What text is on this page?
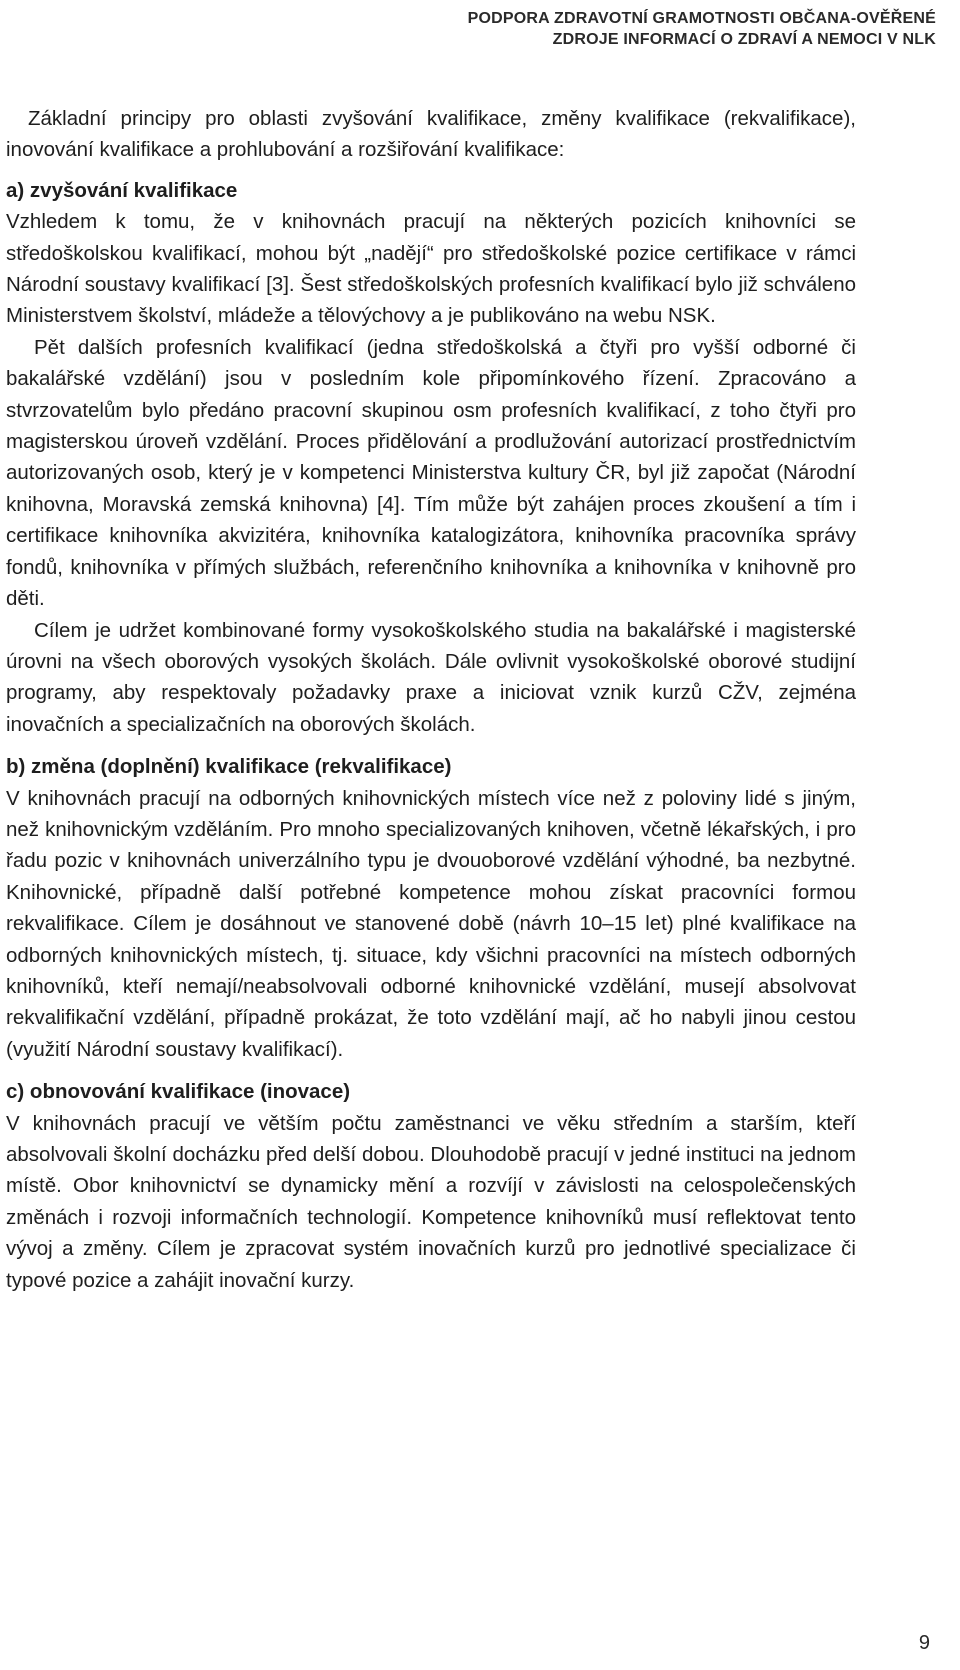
PODPORA ZDRAVOTNÍ GRAMOTNOSTI OBČANA-OVĚŘENÉ
ZDROJE INFORMACÍ O ZDRAVÍ A NEMOCI V NLK

Základní principy pro oblasti zvyšování kvalifikace, změny kvalifikace (rekvalifikace), inovování kvalifikace a prohlubování a rozšiřování kvalifikace:

a) zvyšování kvalifikace

Vzhledem k tomu, že v knihovnách pracují na některých pozicích knihovníci se středoškolskou kvalifikací, mohou být „nadějí“ pro středoškolské pozice certifikace v rámci Národní soustavy kvalifikací [3]. Šest středoškolských profesních kvalifikací bylo již schváleno Ministerstvem školství, mládeže a tělovýchovy a je publikováno na webu NSK.

Pět dalších profesních kvalifikací (jedna středoškolská a čtyři pro vyšší odborné či bakalářské vzdělání) jsou v posledním kole připomínkového řízení. Zpracováno a stvrzovatelům bylo předáno pracovní skupinou osm profesních kvalifikací, z toho čtyři pro magisterskou úroveň vzdělání. Proces přidělování a prodlužování autorizací prostřednictvím autorizovaných osob, který je v kompetenci Ministerstva kultury ČR, byl již započat (Národní knihovna, Moravská zemská knihovna) [4]. Tím může být zahájen proces zkoušení a tím i certifikace knihovníka akvizitéra, knihovníka katalogizátora, knihovníka pracovníka správy fondů, knihovníka v přímých službách, referenčního knihovníka a knihovníka v knihovně pro děti.

Cílem je udržet kombinované formy vysokoškolského studia na bakalářské i magisterské úrovni na všech oborových vysokých školách. Dále ovlivnit vysokoškolské oborové studijní programy, aby respektovaly požadavky praxe a iniciovat vznik kurzů CŽV, zejména inovačních a specializačních na oborových školách.

b) změna (doplnění) kvalifikace (rekvalifikace)

V knihovnách pracují na odborných knihovnických místech více než z poloviny lidé s jiným, než knihovnickým vzděláním. Pro mnoho specializovaných knihoven, včetně lékařských, i pro řadu pozic v knihovnách univerzálního typu je dvouoborové vzdělání výhodné, ba nezbytné. Knihovnické, případně další potřebné kompetence mohou získat pracovníci formou rekvalifikace. Cílem je dosáhnout ve stanovené době (návrh 10–15 let) plné kvalifikace na odborných knihovnických místech, tj. situace, kdy všichni pracovníci na místech odborných knihovníků, kteří nemají/neabsolvovali odborné knihovnické vzdělání, musejí absolvovat rekvalifikační vzdělání, případně prokázat, že toto vzdělání mají, ač ho nabyli jinou cestou (využití Národní soustavy kvalifikací).

c) obnovování kvalifikace (inovace)

V knihovnách pracují ve větším počtu zaměstnanci ve věku středním a starším, kteří absolvovali školní docházku před delší dobou. Dlouhodobě pracují v jedné instituci na jednom místě. Obor knihovnictví se dynamicky mění a rozvíjí v závislosti na celospolečenských změnách i rozvoji informačních technologií. Kompetence knihovníků musí reflektovat tento vývoj a změny. Cílem je zpracovat systém inovačních kurzů pro jednotlivé specializace či typové pozice a zahájit inovační kurzy.

9
